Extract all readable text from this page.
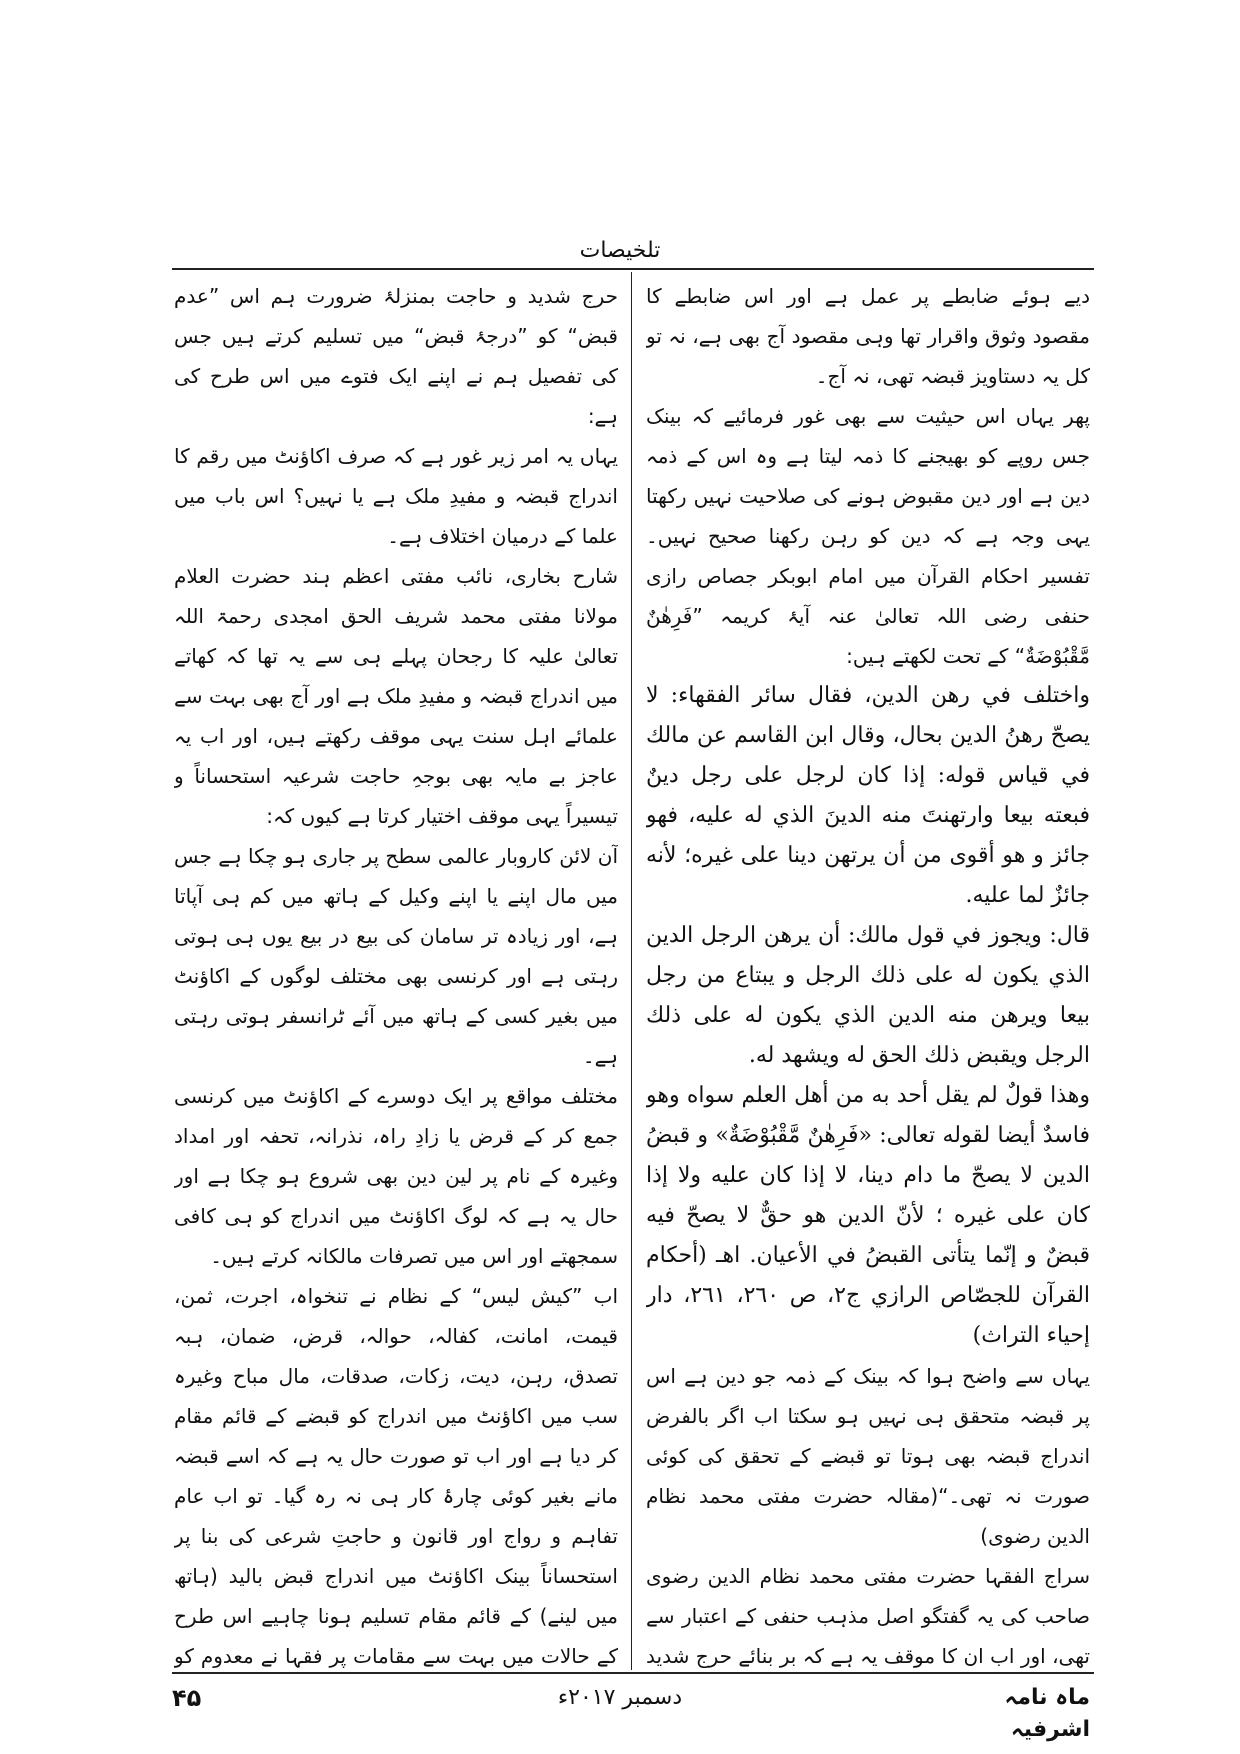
تلخیصات

دیے ہوئے ضابطے پر عمل ہے اور اس ضابطے کا مقصود وثوق واقرار تھا وہی مقصود آج بھی ہے، نہ تو کل یہ دستاویز قبضہ تھی، نہ آج۔

پھر یہاں اس حیثیت سے بھی غور فرمائیے کہ بینک جس روپے کو بھیجنے کا ذمہ لیتا ہے وہ اس کے ذمہ دین ہے اور دین مقبوض ہونے کی صلاحیت نہیں رکھتا یہی وجہ ہے کہ دین کو رہن رکھنا صحیح نہیں۔ تفسیر احکام القرآن میں امام ابوبکر جصاص رازی حنفی رضی اللہ تعالیٰ عنہ آیۂ کریمہ ”فَرِهٰنٌ مَّقْبُوْضَةٌ“ کے تحت لکھتے ہیں:

واختلف في رهن الدين، فقال سائر الفقهاء: لا يصحّ رهنُ الدين بحال، وقال ابن القاسم عن مالك في قياس قوله: إذا كان لرجل على رجل دينٌ فبعته بيعا وارتهنتَ منه الدينَ الذي له عليه، فهو جائز و هو أقوى من أن يرتهن دينا على غيره؛ لأنه جائزٌ لما عليه.

قال: ويجوز في قول مالك: أن يرهن الرجل الدين الذي يكون له على ذلك الرجل و يبتاع من رجل بيعا ويرهن منه الدين الذي يكون له على ذلك الرجل ويقبض ذلك الحق له ويشهد له.

وهذا قولٌ لم يقل أحد به من أهل العلم سواه وهو فاسدٌ أيضا لقوله تعالى: «فَرِهٰنٌ مَّقْبُوْضَةٌ» و قبضُ الدين لا يصحّ ما دام دينا، لا إذا كان عليه ولا إذا كان على غيره ؛ لأنّ الدين هو حقٌّ لا يصحّ فيه قبضٌ و إنّما يتأتى القبضُ في الأعيان. اهـ (أحكام القرآن للجصّاص الرازي ج٢، ص ٢٦٠، ٢٦١، دار إحياء التراث)

یہاں سے واضح ہوا کہ بینک کے ذمہ جو دین ہے اس پر قبضہ متحقق ہی نہیں ہو سکتا اب اگر بالفرض اندراج قبضہ بھی ہوتا تو قبضے کے تحقق کی کوئی صورت نہ تھی۔“(مقالہ حضرت مفتی محمد نظام الدین رضوی)

سراج الفقہا حضرت مفتی محمد نظام الدین رضوی صاحب کی یہ گفتگو اصل مذہب حنفی کے اعتبار سے تھی، اور اب ان کا موقف یہ ہے کہ بر بنائے حرج شدید

حرج شدید و حاجت بمنزلۂ ضرورت ہم اس ”عدم قبض“ کو ”درجۂ قبض“ میں تسلیم کرتے ہیں جس کی تفصیل ہم نے اپنے ایک فتوے میں اس طرح کی ہے:

یہاں یہ امر زیر غور ہے کہ صرف اکاؤنٹ میں رقم کا اندراج قبضہ و مفیدِ ملک ہے یا نہیں؟ اس باب میں علما کے درمیان اختلاف ہے۔

شارح بخاری، نائب مفتی اعظم ہند حضرت العلام مولانا مفتی محمد شریف الحق امجدی رحمۃ اللہ تعالیٰ علیہ کا رجحان پہلے ہی سے یہ تھا کہ کھاتے میں اندراج قبضہ و مفیدِ ملک ہے اور آج بھی بہت سے علمائے اہل سنت یہی موقف رکھتے ہیں، اور اب یہ عاجز بے مایہ بھی بوجہِ حاجت شرعیہ استحساناً و تیسیراً یہی موقف اختیار کرتا ہے کیوں کہ:

آن لائن کاروبار عالمی سطح پر جاری ہو چکا ہے جس میں مال اپنے یا اپنے وکیل کے ہاتھ میں کم ہی آپاتا ہے، اور زیادہ تر سامان کی بیع در بیع یوں ہی ہوتی رہتی ہے اور کرنسی بھی مختلف لوگوں کے اکاؤنٹ میں بغیر کسی کے ہاتھ میں آئے ٹرانسفر ہوتی رہتی ہے۔

مختلف مواقع پر ایک دوسرے کے اکاؤنٹ میں کرنسی جمع کر کے قرض یا زادِ راہ، نذرانہ، تحفہ اور امداد وغیرہ کے نام پر لین دین بھی شروع ہو چکا ہے اور حال یہ ہے کہ لوگ اکاؤنٹ میں اندراج کو ہی کافی سمجھتے اور اس میں تصرفات مالکانہ کرتے ہیں۔

اب ”کیش لیس“ کے نظام نے تنخواہ، اجرت، ثمن، قیمت، امانت، کفالہ، حوالہ، قرض، ضمان، ہبہ تصدق، رہن، دیت، زکات، صدقات، مال مباح وغیرہ سب میں اکاؤنٹ میں اندراج کو قبضے کے قائم مقام کر دیا ہے اور اب تو صورت حال یہ ہے کہ اسے قبضہ مانے بغیر کوئی چارۂ کار ہی نہ رہ گیا۔ تو اب عام تفاہم و رواج اور قانون و حاجتِ شرعی کی بنا پر استحساناً بینک اکاؤنٹ میں اندراج قبض بالید (ہاتھ میں لینے) کے قائم مقام تسلیم ہونا چاہیے اس طرح کے حالات میں بہت سے مقامات پر فقہا نے معدوم کو

ماہ نامہ اشرفیہ
دسمبر ۲۰۱۷ء
۴۵
